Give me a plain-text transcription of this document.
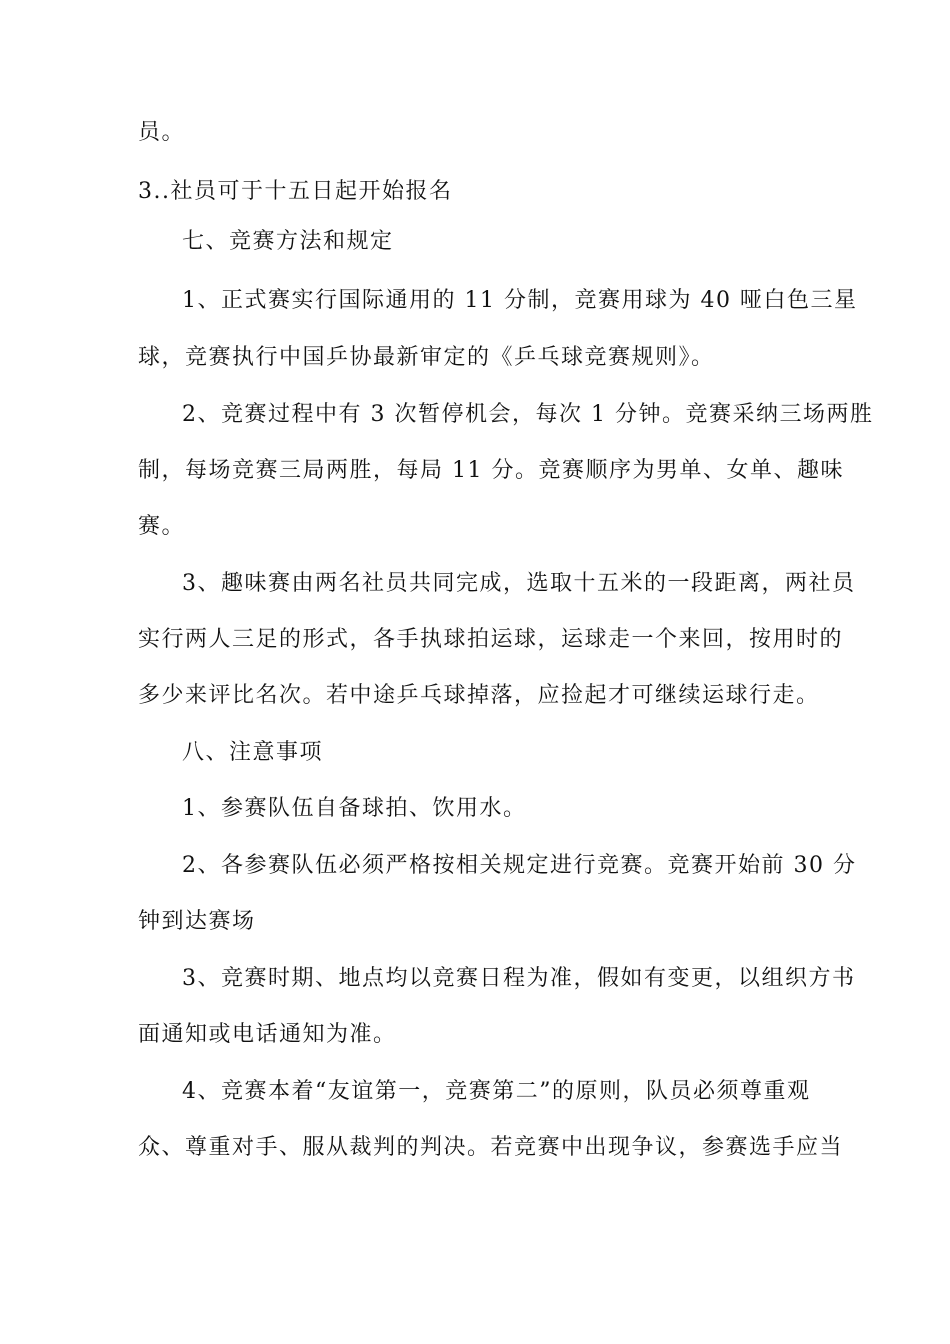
员。
3..社员可于十五日起开始报名
七、竞赛方法和规定
1、正式赛实行国际通用的 11 分制，竞赛用球为 40 哑白色三星
球，竞赛执行中国乒协最新审定的《乒乓球竞赛规则》。
2、竞赛过程中有 3 次暂停机会，每次 1 分钟。竞赛采纳三场两胜
制，每场竞赛三局两胜，每局 11 分。竞赛顺序为男单、女单、趣味
赛。
3、趣味赛由两名社员共同完成，选取十五米的一段距离，两社员
实行两人三足的形式，各手执球拍运球，运球走一个来回，按用时的
多少来评比名次。若中途乒乓球掉落，应捡起才可继续运球行走。
八、注意事项
1、参赛队伍自备球拍、饮用水。
2、各参赛队伍必须严格按相关规定进行竞赛。竞赛开始前 30 分
钟到达赛场
3、竞赛时期、地点均以竞赛日程为准，假如有变更，以组织方书
面通知或电话通知为准。
4、竞赛本着“友谊第一，竞赛第二”的原则，队员必须尊重观
众、尊重对手、服从裁判的判决。若竞赛中出现争议，参赛选手应当
